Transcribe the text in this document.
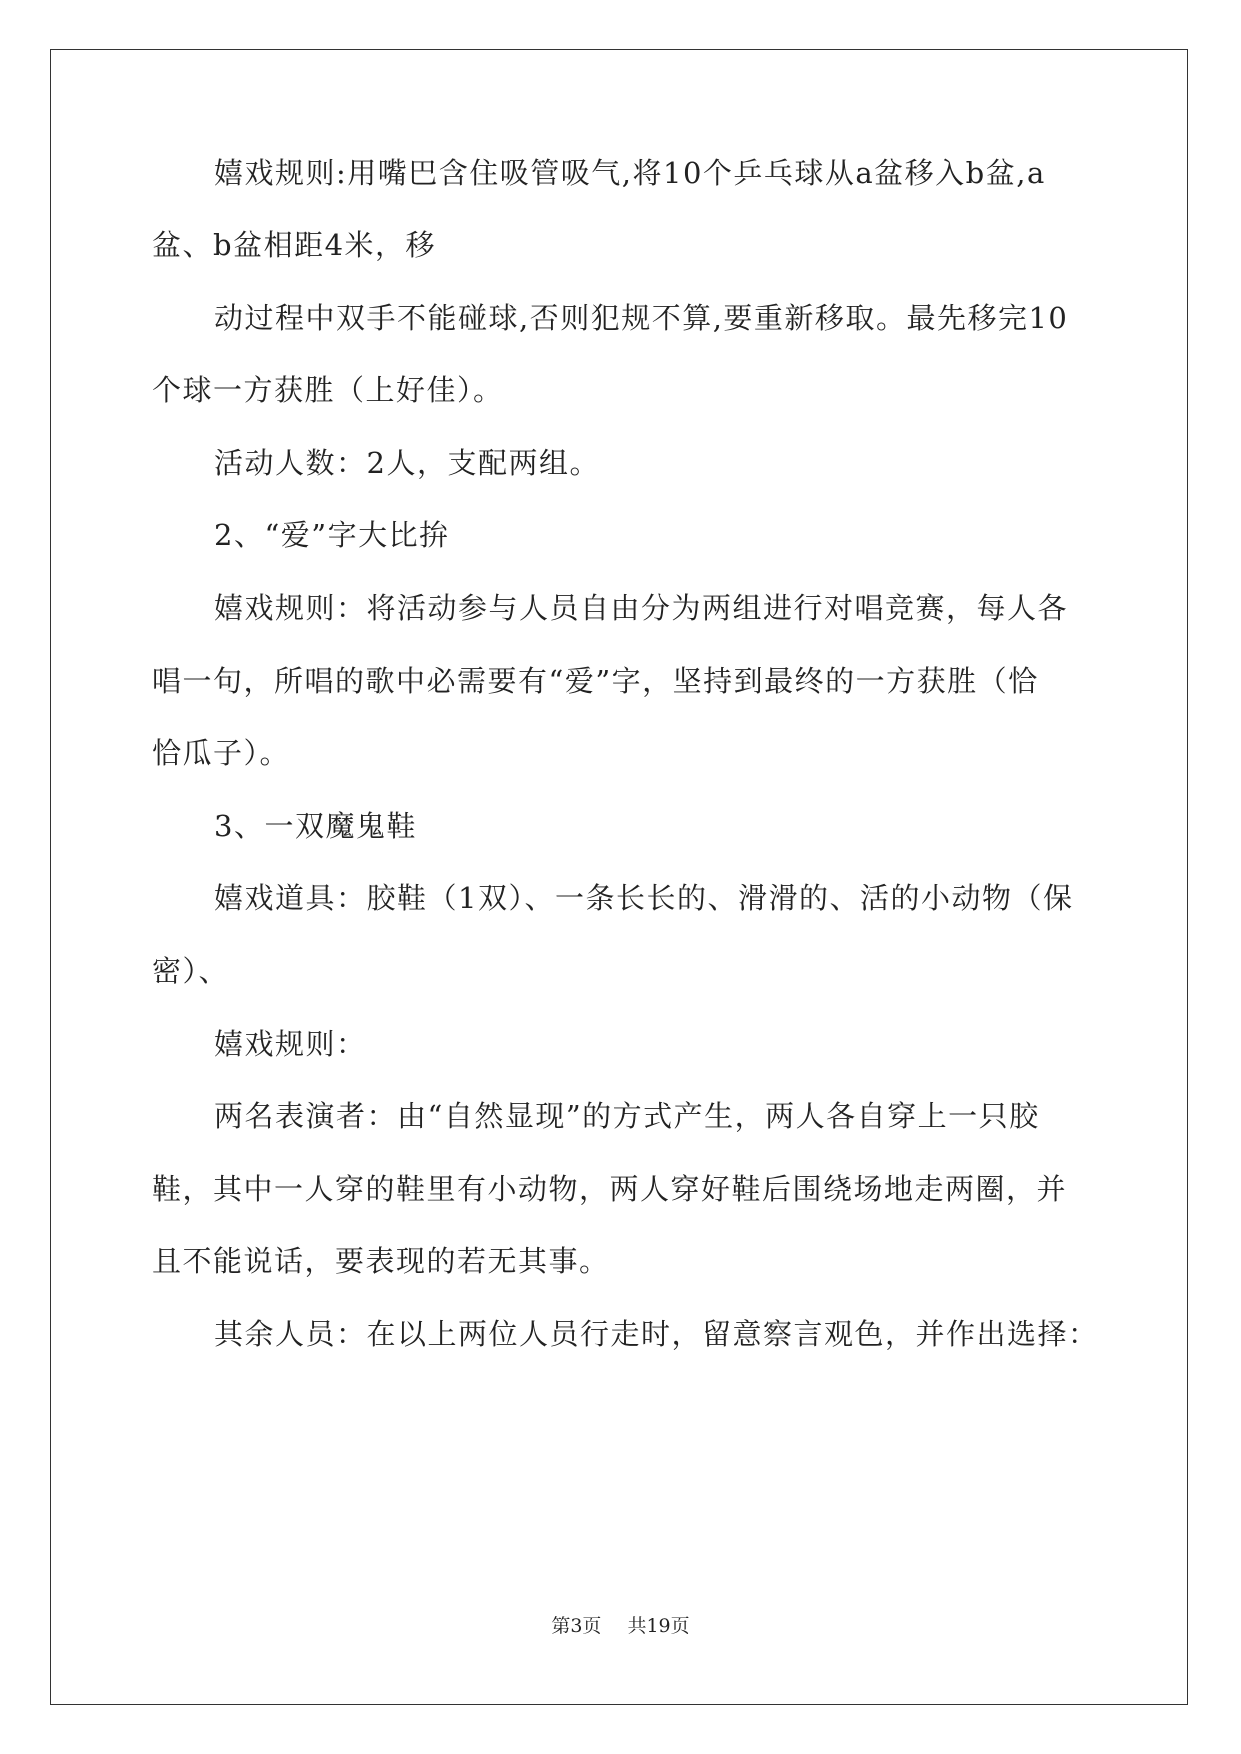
嬉戏规则:用嘴巴含住吸管吸气,将10个乒乓球从a盆移入b盆,a
盆、b盆相距4米，移
动过程中双手不能碰球,否则犯规不算,要重新移取。最先移完10
个球一方获胜（上好佳）。
活动人数：2人，支配两组。
2、“爱”字大比拚
嬉戏规则：将活动参与人员自由分为两组进行对唱竞赛，每人各
唱一句，所唱的歌中必需要有“爱”字，坚持到最终的一方获胜（恰
恰瓜子）。
3、一双魔鬼鞋
嬉戏道具：胶鞋（1双）、一条长长的、滑滑的、活的小动物（保
密）、
嬉戏规则：
两名表演者：由“自然显现”的方式产生，两人各自穿上一只胶
鞋，其中一人穿的鞋里有小动物，两人穿好鞋后围绕场地走两圈，并
且不能说话，要表现的若无其事。
其余人员：在以上两位人员行走时，留意察言观色，并作出选择：
第3页 共19页
